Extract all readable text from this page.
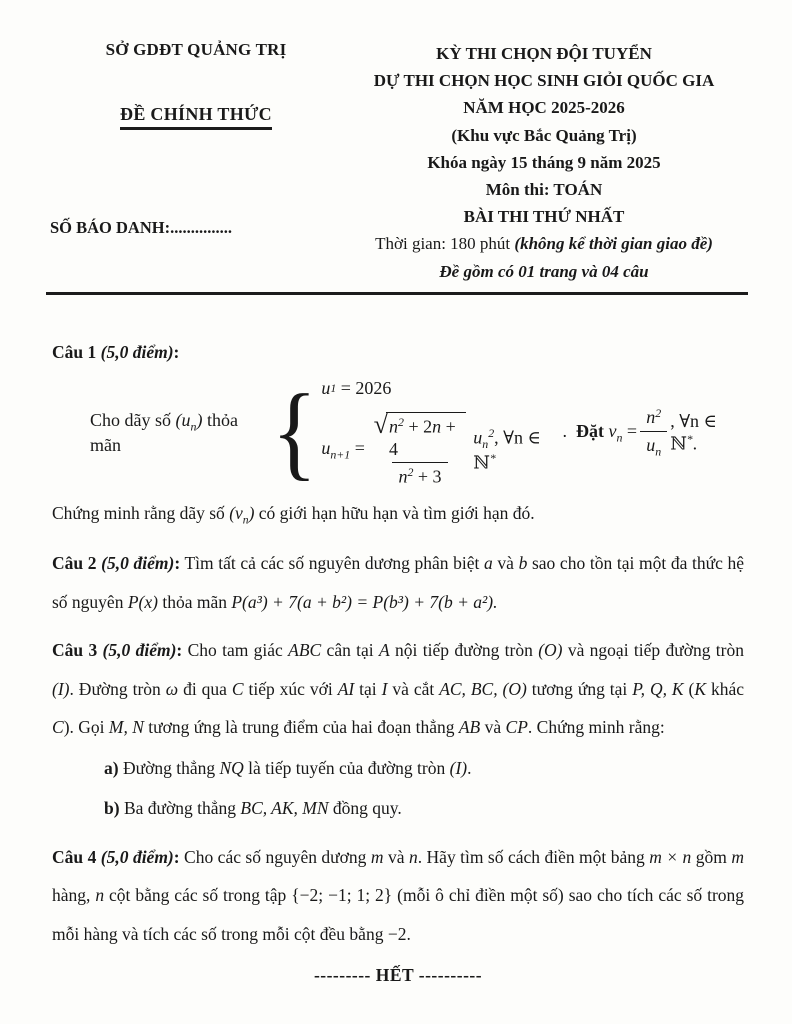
SỞ GDĐT QUẢNG TRỊ
ĐỀ CHÍNH THỨC
SỐ BÁO DANH:...............
KỲ THI CHỌN ĐỘI TUYỂN
DỰ THI CHỌN HỌC SINH GIỎI QUỐC GIA
NĂM HỌC 2025-2026
(Khu vực Bắc Quảng Trị)
Khóa ngày 15 tháng 9 năm 2025
Môn thi: TOÁN
BÀI THI THỨ NHẤT
Thời gian: 180 phút (không kể thời gian giao đề)
Đề gồm có 01 trang và 04 câu

Câu 1 (5,0 điểm):

Cho dãy số $(u_n)$ thỏa mãn	{ u 1 = 2026
$u_{n+1} = \frac{√ n^2 + 2n + 4}{n^2 + 3} u_n^2$, ∀n ∈ ℕ*
.  Đặt $v_n$ =
$\frac{n 2}{u_n}$ , ∀n ∈ ℕ*.

Chứng minh rằng dãy số $(v_n)$ có giới hạn hữu hạn và tìm giới hạn đó.

Câu 2 (5,0 điểm): Tìm tất cả các số nguyên dương phân biệt a và b sao cho tồn tại một đa thức hệ số nguyên P(x) thỏa mãn P(a³) + 7(a + b²) = P(b³) + 7(b + a²).

Câu 3 (5,0 điểm): Cho tam giác ABC cân tại A nội tiếp đường tròn (O) và ngoại tiếp đường tròn (I). Đường tròn ω đi qua C tiếp xúc với AI tại I và cắt AC, BC, (O) tương ứng tại P, Q, K (K khác C). Gọi M, N tương ứng là trung điểm của hai đoạn thẳng AB và CP. Chứng minh rằng:

a) Đường thẳng NQ là tiếp tuyến của đường tròn (I).

b) Ba đường thẳng BC, AK, MN đồng quy.

Câu 4 (5,0 điểm): Cho các số nguyên dương m và n. Hãy tìm số cách điền một bảng m × n gồm m hàng, n cột bằng các số trong tập {−2; −1; 1; 2} (mỗi ô chỉ điền một số) sao cho tích các số trong mỗi hàng và tích các số trong mỗi cột đều bằng −2.

--------- HẾT ----------
